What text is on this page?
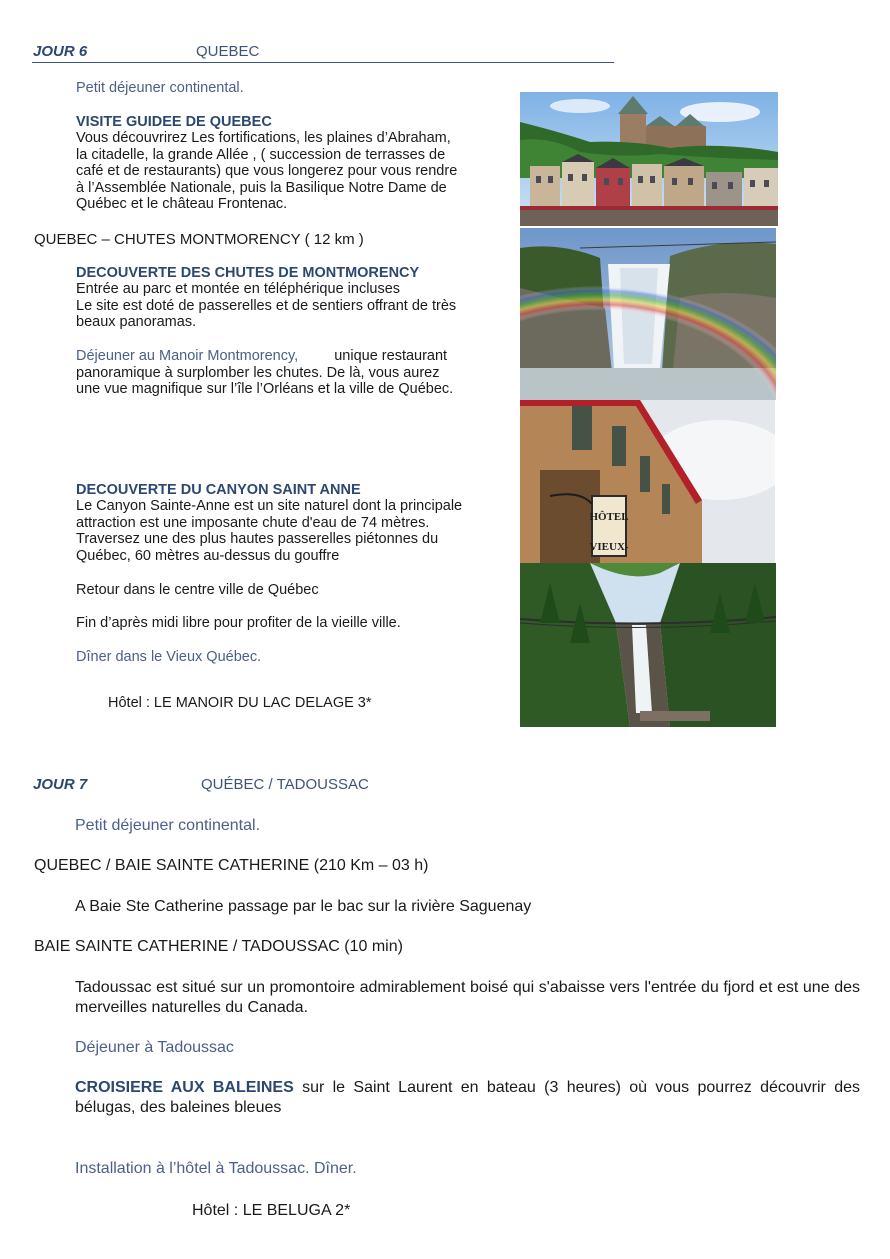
JOUR 6	QUEBEC
Petit déjeuner continental.
VISITE GUIDEE DE QUEBEC
Vous découvrirez Les fortifications, les plaines d’Abraham,
la citadelle, la grande Allée , ( succession de terrasses de
café et de restaurants) que vous longerez pour vous rendre
à l’Assemblée Nationale, puis la Basilique Notre Dame de
Québec et le château Frontenac.
QUEBEC – CHUTES MONTMORENCY ( 12 km )
DECOUVERTE DES CHUTES DE MONTMORENCY
Entrée au parc et montée en téléphérique incluses
Le site est doté de passerelles et de sentiers offrant de très
beaux panoramas.
Déjeuner au Manoir Montmorency, unique restaurant
panoramique à surplomber les chutes. De là, vous aurez
une vue magnifique sur l’île l’Orléans et la ville de Québec.
DECOUVERTE DU CANYON SAINT ANNE
Le Canyon Sainte-Anne est un site naturel dont la principale
attraction est une imposante chute d'eau de 74 mètres.
Traversez une des plus hautes passerelles piétonnes du
Québec, 60 mètres au-dessus du gouffre
Retour dans le centre ville de Québec
Fin d’après midi libre pour profiter de la vieille ville.
Dîner dans le Vieux Québec.
Hôtel : LE MANOIR DU LAC DELAGE 3*
HÔTEL
VIEUX-
JOUR 7	QUÉBEC / TADOUSSAC
Petit déjeuner continental.
QUEBEC / BAIE SAINTE CATHERINE (210 Km – 03 h)
A Baie Ste Catherine passage par le bac sur la rivière Saguenay
BAIE SAINTE CATHERINE / TADOUSSAC (10 min)
Tadoussac est situé sur un promontoire admirablement boisé qui s'abaisse vers l'entrée du fjord et est une des merveilles naturelles du Canada.
Déjeuner à Tadoussac
CROISIERE AUX BALEINES sur le Saint Laurent en bateau (3 heures) où vous pourrez découvrir des bélugas, des baleines bleues
Installation à l’hôtel à Tadoussac. Dîner.
Hôtel : LE BELUGA 2*
